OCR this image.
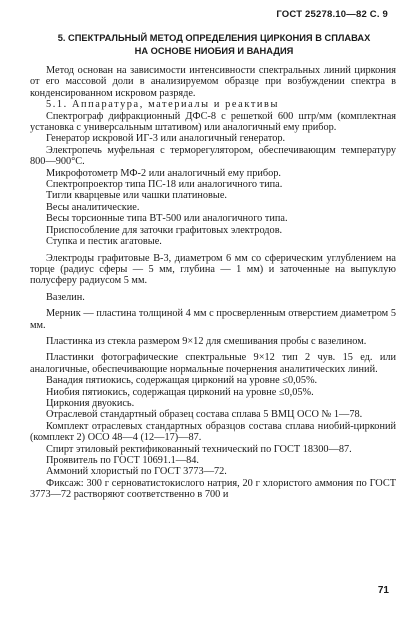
ГОСТ 25278.10—82 С. 9
5. СПЕКТРАЛЬНЫЙ МЕТОД ОПРЕДЕЛЕНИЯ ЦИРКОНИЯ В СПЛАВАХ
НА ОСНОВЕ НИОБИЯ И ВАНАДИЯ

Метод основан на зависимости интенсивности спектральных линий циркония от его массовой доли в анализируемом образце при возбуждении спектра в конденсированном искровом разряде.

5.1. Аппаратура, материалы и реактивы

Спектрограф дифракционный ДФС-8 с решеткой 600 штр/мм (комплектная установка с универсальным штативом) или аналогичный ему прибор.

Генератор искровой ИГ-3 или аналогичный генератор.

Электропечь муфельная с терморегулятором, обеспечивающим температуру 800—900°С.

Микрофотометр МФ-2 или аналогичный ему прибор.

Спектропроектор типа ПС-18 или аналогичного типа.

Тигли кварцевые или чашки платиновые.

Весы аналитические.

Весы торсионные типа ВТ-500 или аналогичного типа.

Приспособление для заточки графитовых электродов.

Ступка и пестик агатовые.

Электроды графитовые В-3, диаметром 6 мм со сферическим углублением на торце (радиус сферы — 5 мм, глубина — 1 мм) и заточенные на выпуклую полусферу радиусом 5 мм.

Вазелин.

Мерник — пластина толщиной 4 мм с просверленным отверстием диаметром 5 мм.

Пластинка из стекла размером 9×12 для смешивания пробы с вазелином.

Пластинки фотографические спектральные 9×12 тип 2 чув. 15 ед. или аналогичные, обеспечивающие нормальные почернения аналитических линий.

Ванадия пятиокись, содержащая цирконий на уровне ≤0,05%.

Ниобия пятиокись, содержащая цирконий на уровне ≤0,05%.

Циркония двуокись.

Отраслевой стандартный образец состава сплава 5 ВМЦ ОСО № 1—78.

Комплект отраслевых стандартных образцов состава сплава ниобий-цирконий (комплект 2) ОСО 48—4 (12—17)—87.

Спирт этиловый ректификованный технический по ГОСТ 18300—87.

Проявитель по ГОСТ 10691.1—84.

Аммоний хлористый по ГОСТ 3773—72.

Фиксаж: 300 г серноватистокислого натрия, 20 г хлористого аммония по ГОСТ 3773—72 растворяют соответственно в 700 и

71
